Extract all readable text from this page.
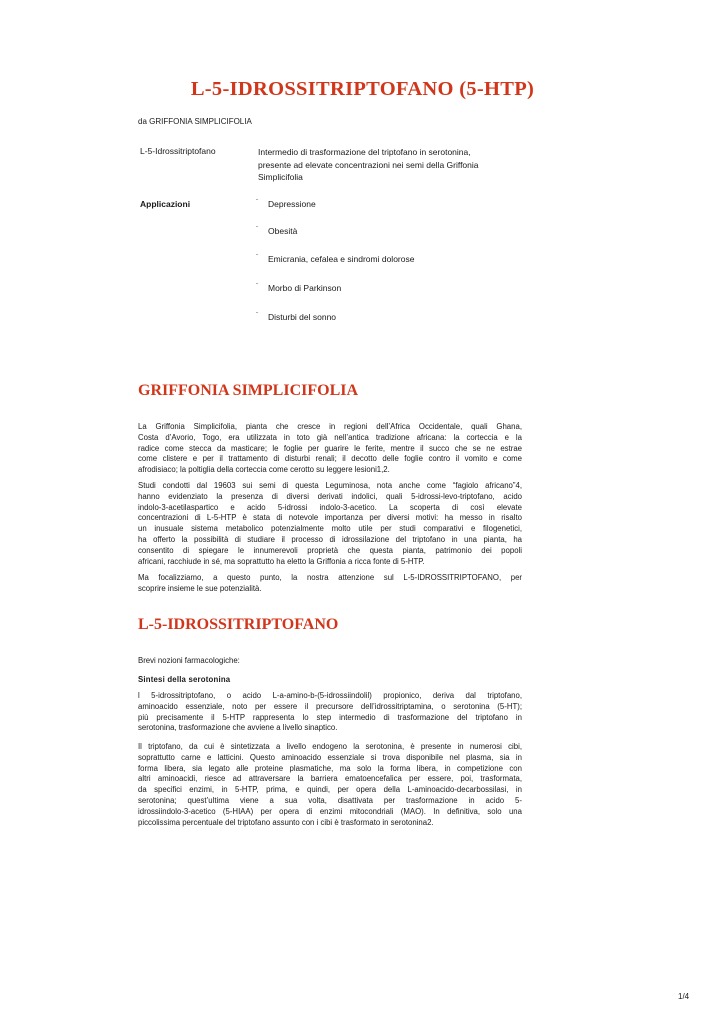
L-5-IDROSSITRIPTOFANO (5-HTP)
da GRIFFONIA SIMPLICIFOLIA
L-5-Idrossitriptofano	Intermedio di trasformazione del triptofano in serotonina,
presente ad elevate concentrazioni nei semi della Griffonia
Simplicifolia
Applicazioni	¨ Depressione
¨ Obesità
¨ Emicrania, cefalea e sindromi dolorose
¨ Morbo di Parkinson
¨ Disturbi del sonno
GRIFFONIA SIMPLICIFOLIA
La Griffonia Simplicifolia, pianta che cresce in regioni dell’Africa Occidentale, quali Ghana,
Costa d’Avorio, Togo, era utilizzata in toto già nell’antica tradizione africana: la corteccia e la
radice come stecca da masticare; le foglie per guarire le ferite, mentre il succo che se ne estrae
come clistere e per il trattamento di disturbi renali; il decotto delle foglie contro il vomito e come
afrodisiaco; la poltiglia della corteccia come cerotto su leggere lesioni1,2.
Studi condotti dal 19603 sui semi di questa Leguminosa, nota anche come “fagiolo africano”4,
hanno evidenziato la presenza di diversi derivati indolici, quali 5-idrossi-levo-triptofano, acido
indolo-3-acetilaspartico e acido 5-idrossi indolo-3-acetico. La scoperta di così elevate
concentrazioni di L-5-HTP è stata di notevole importanza per diversi motivi: ha messo in risalto
un inusuale sistema metabolico potenzialmente molto utile per studi comparativi e filogenetici,
ha offerto la possibilità di studiare il processo di idrossilazione del triptofano in una pianta, ha
consentito di spiegare le innumerevoli proprietà che questa pianta, patrimonio dei popoli
africani, racchiude in sé, ma soprattutto ha eletto la Griffonia a ricca fonte di 5-HTP.
Ma focalizziamo, a questo punto, la nostra attenzione sul L-5-IDROSSITRIPTOFANO, per
scoprire insieme le sue potenzialità.
L-5-IDROSSITRIPTOFANO
Brevi nozioni farmacologiche:
Sintesi della serotonina
l 5-idrossitriptofano, o acido L-a-amino-b-(5-idrossiindolil) propionico, deriva dal triptofano,
aminoacido essenziale, noto per essere il precursore dell’idrossitriptamina, o serotonina (5-HT);
più precisamente il 5-HTP rappresenta lo step intermedio di trasformazione del triptofano in
serotonina, trasformazione che avviene a livello sinaptico.
Il triptofano, da cui è sintetizzata a livello endogeno la serotonina, è presente in numerosi cibi,
soprattutto carne e latticini. Questo aminoacido essenziale si trova disponibile nel plasma, sia in
forma libera, sia legato alle proteine plasmatiche, ma solo la forma libera, in competizione con
altri aminoacidi, riesce ad attraversare la barriera ematoencefalica per essere, poi, trasformata,
da specifici enzimi, in 5-HTP, prima, e quindi, per opera della L-aminoacido-decarbossilasi, in
serotonina; quest’ultima viene a sua volta, disattivata per trasformazione in acido 5-
idrossiindolo-3-acetico (5-HIAA) per opera di enzimi mitocondriali (MAO). In definitiva, solo una
piccolissima percentuale del triptofano assunto con i cibi è trasformato in serotonina2.
1/4
